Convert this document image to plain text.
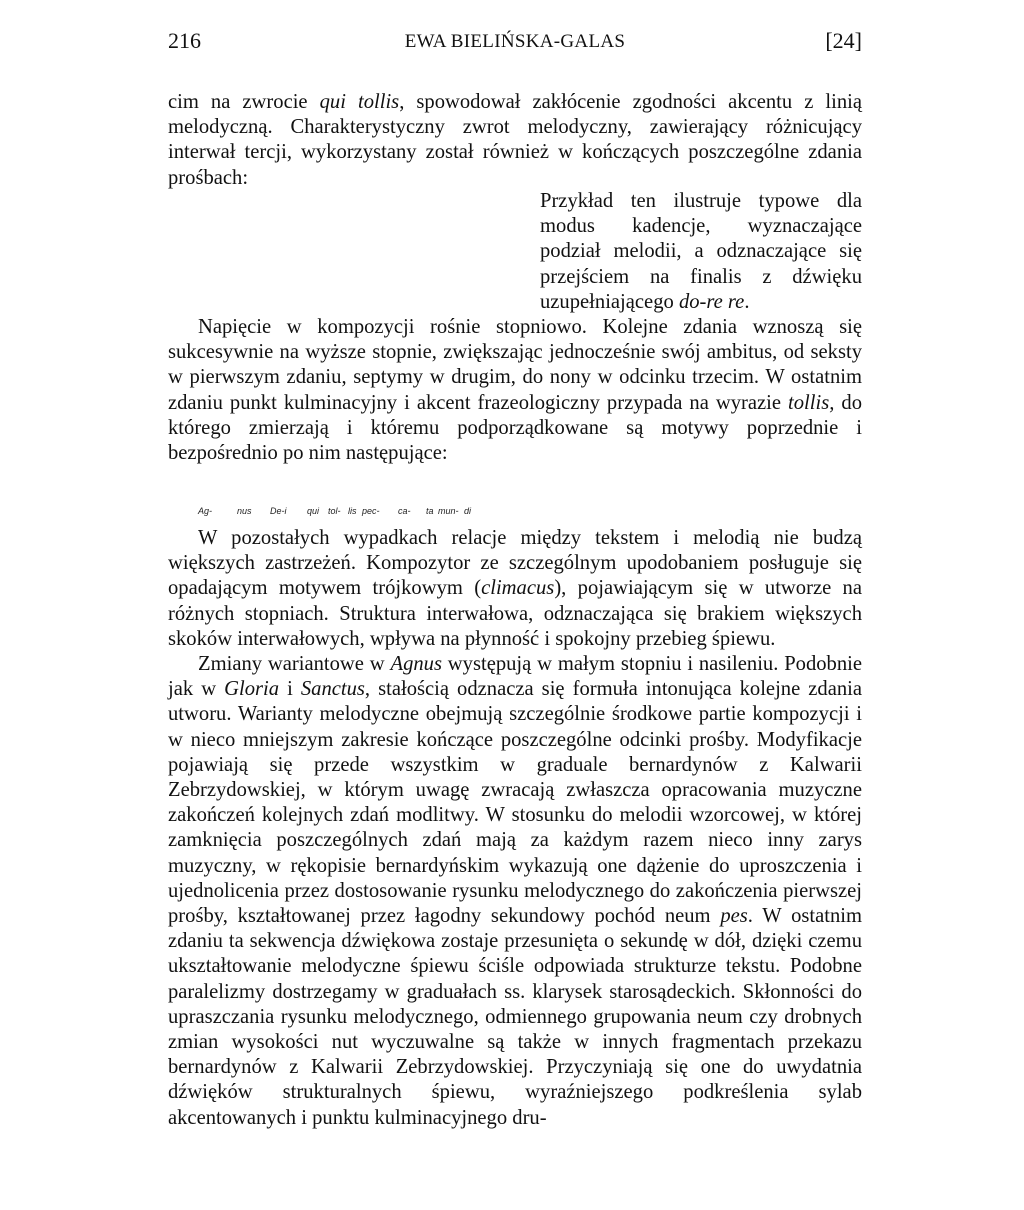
216	EWA BIELIŃSKA-GALAS	[24]

cim na zwrocie qui tollis, spowodował zakłócenie zgodności akcentu z linią melodyczną. Charakterystyczny zwrot melodyczny, zawierający różnicujący interwał tercji, wykorzystany został również w kończących poszczególne zdania prośbach:

Przykład ten ilustruje typowe dla modus kadencje, wyznaczające podział melodii, a odznaczające się przejściem na finalis z dźwięku uzupełniającego do-re re.

Napięcie w kompozycji rośnie stopniowo. Kolejne zdania wznoszą się sukcesywnie na wyższe stopnie, zwiększając jednocześnie swój ambitus, od seksty w pierwszym zdaniu, septymy w drugim, do nony w odcinku trzecim. W ostatnim zdaniu punkt kulminacyjny i akcent frazeologiczny przypada na wyrazie tollis, do którego zmierzają i któremu podporządkowane są motywy poprzednie i bezpośrednio po nim następujące:

Ag-	nus De-i qui tol- lis pec- ca- ta mun- di

W pozostałych wypadkach relacje między tekstem i melodią nie budzą większych zastrzeżeń. Kompozytor ze szczególnym upodobaniem posługuje się opadającym motywem trójkowym (climacus), pojawiającym się w utworze na różnych stopniach. Struktura interwałowa, odznaczająca się brakiem większych skoków interwałowych, wpływa na płynność i spokojny przebieg śpiewu.

Zmiany wariantowe w Agnus występują w małym stopniu i nasileniu. Podobnie jak w Gloria i Sanctus, stałością odznacza się formuła intonująca kolejne zdania utworu. Warianty melodyczne obejmują szczególnie środkowe partie kompozycji i w nieco mniejszym zakresie kończące poszczególne odcinki prośby. Modyfikacje pojawiają się przede wszystkim w graduale bernardynów z Kalwarii Zebrzydowskiej, w którym uwagę zwracają zwłaszcza opracowania muzyczne zakończeń kolejnych zdań modlitwy. W stosunku do melodii wzorcowej, w której zamknięcia poszczególnych zdań mają za każdym razem nieco inny zarys muzyczny, w rękopisie bernardyńskim wykazują one dążenie do uproszczenia i ujednolicenia przez dostosowanie rysunku melodycznego do zakończenia pierwszej prośby, kształtowanej przez łagodny sekundowy pochód neum pes. W ostatnim zdaniu ta sekwencja dźwiękowa zostaje przesunięta o sekundę w dół, dzięki czemu ukształtowanie melodyczne śpiewu ściśle odpowiada strukturze tekstu. Podobne paralelizmy dostrzegamy w graduałach ss. klarysek starosądeckich. Skłonności do upraszczania rysunku melodycznego, odmiennego grupowania neum czy drobnych zmian wysokości nut wyczuwalne są także w innych fragmentach przekazu bernardynów z Kalwarii Zebrzydowskiej. Przyczyniają się one do uwydatnia dźwięków strukturalnych śpiewu, wyraźniejszego podkreślenia sylab akcentowanych i punktu kulminacyjnego dru-
